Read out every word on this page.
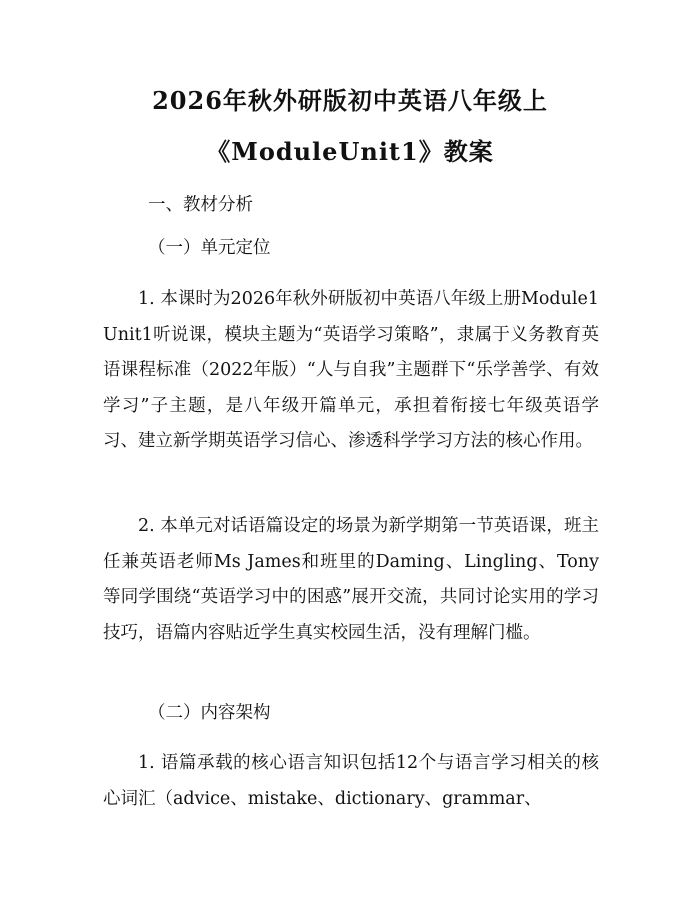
2026年秋外研版初中英语八年级上
《ModuleUnit1》教案
一、教材分析
（一）单元定位
1. 本课时为2026年秋外研版初中英语八年级上册Module1 Unit1听说课，模块主题为“英语学习策略”，隶属于义务教育英语课程标准（2022年版）“人与自我”主题群下“乐学善学、有效学习”子主题，是八年级开篇单元，承担着衔接七年级英语学习、建立新学期英语学习信心、渗透科学学习方法的核心作用。
2. 本单元对话语篇设定的场景为新学期第一节英语课，班主任兼英语老师Ms James和班里的Daming、Lingling、Tony等同学围绕“英语学习中的困惑”展开交流，共同讨论实用的学习技巧，语篇内容贴近学生真实校园生活，没有理解门槛。
（二）内容架构
1. 语篇承载的核心语言知识包括12个与语言学习相关的核心词汇（advice、mistake、dictionary、grammar、
